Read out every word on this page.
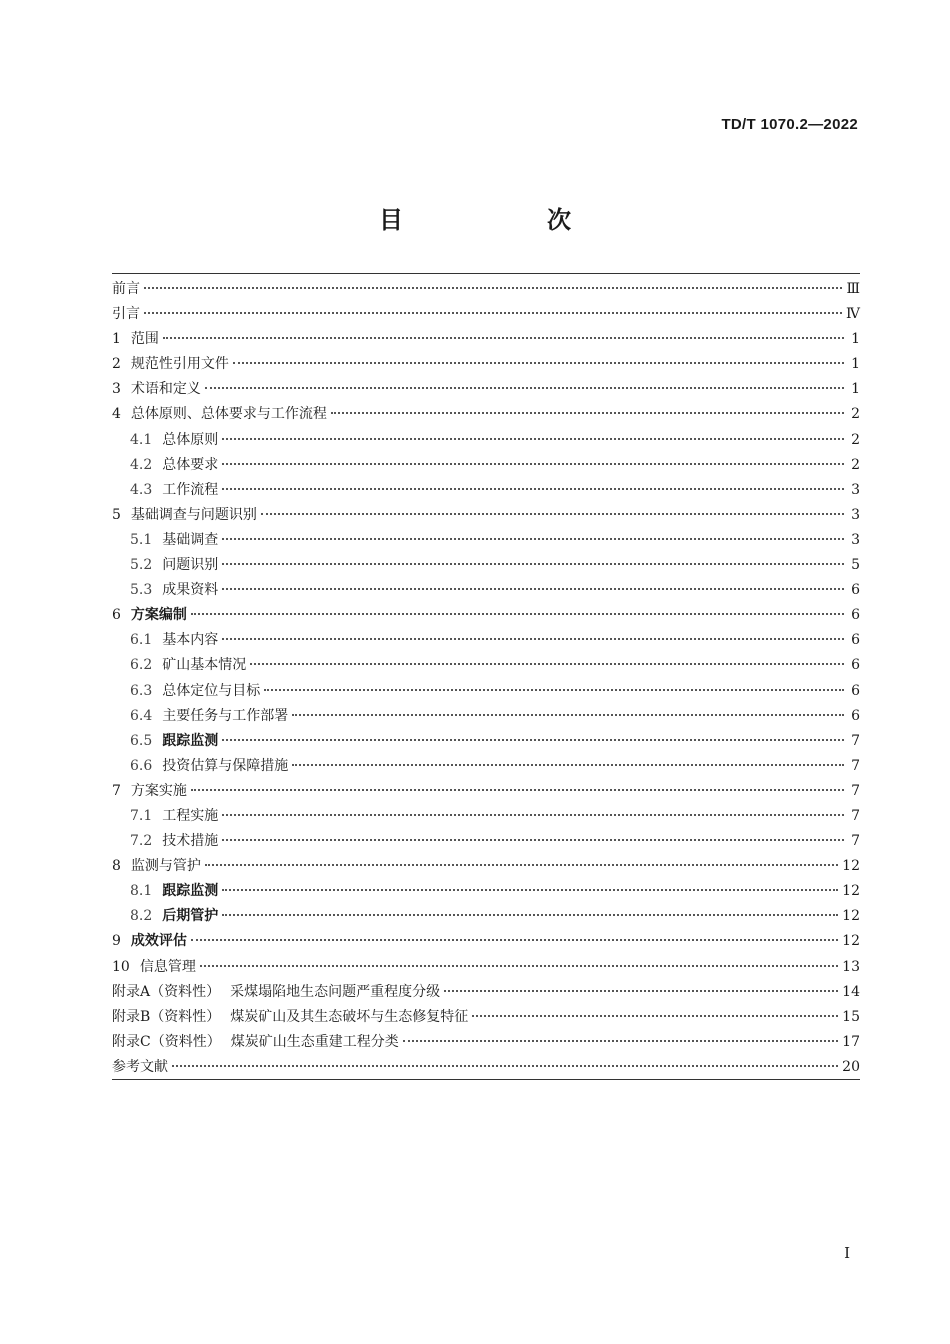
TD/T 1070.2—2022
目　次
前言	Ⅲ
引言	Ⅳ
1 范围	1
2 规范性引用文件	1
3 术语和定义	1
4 总体原则、总体要求与工作流程	2
4.1 总体原则	2
4.2 总体要求	2
4.3 工作流程	3
5 基础调查与问题识别	3
5.1 基础调查	3
5.2 问题识别	5
5.3 成果资料	6
6 方案编制	6
6.1 基本内容	6
6.2 矿山基本情况	6
6.3 总体定位与目标	6
6.4 主要任务与工作部署	6
6.5 跟踪监测	7
6.6 投资估算与保障措施	7
7 方案实施	7
7.1 工程实施	7
7.2 技术措施	7
8 监测与管护	12
8.1 跟踪监测	12
8.2 后期管护	12
9 成效评估	12
10 信息管理	13
附录A（资料性） 采煤塌陷地生态问题严重程度分级	14
附录B（资料性） 煤炭矿山及其生态破坏与生态修复特征	15
附录C（资料性） 煤炭矿山生态重建工程分类	17
参考文献	20
I
